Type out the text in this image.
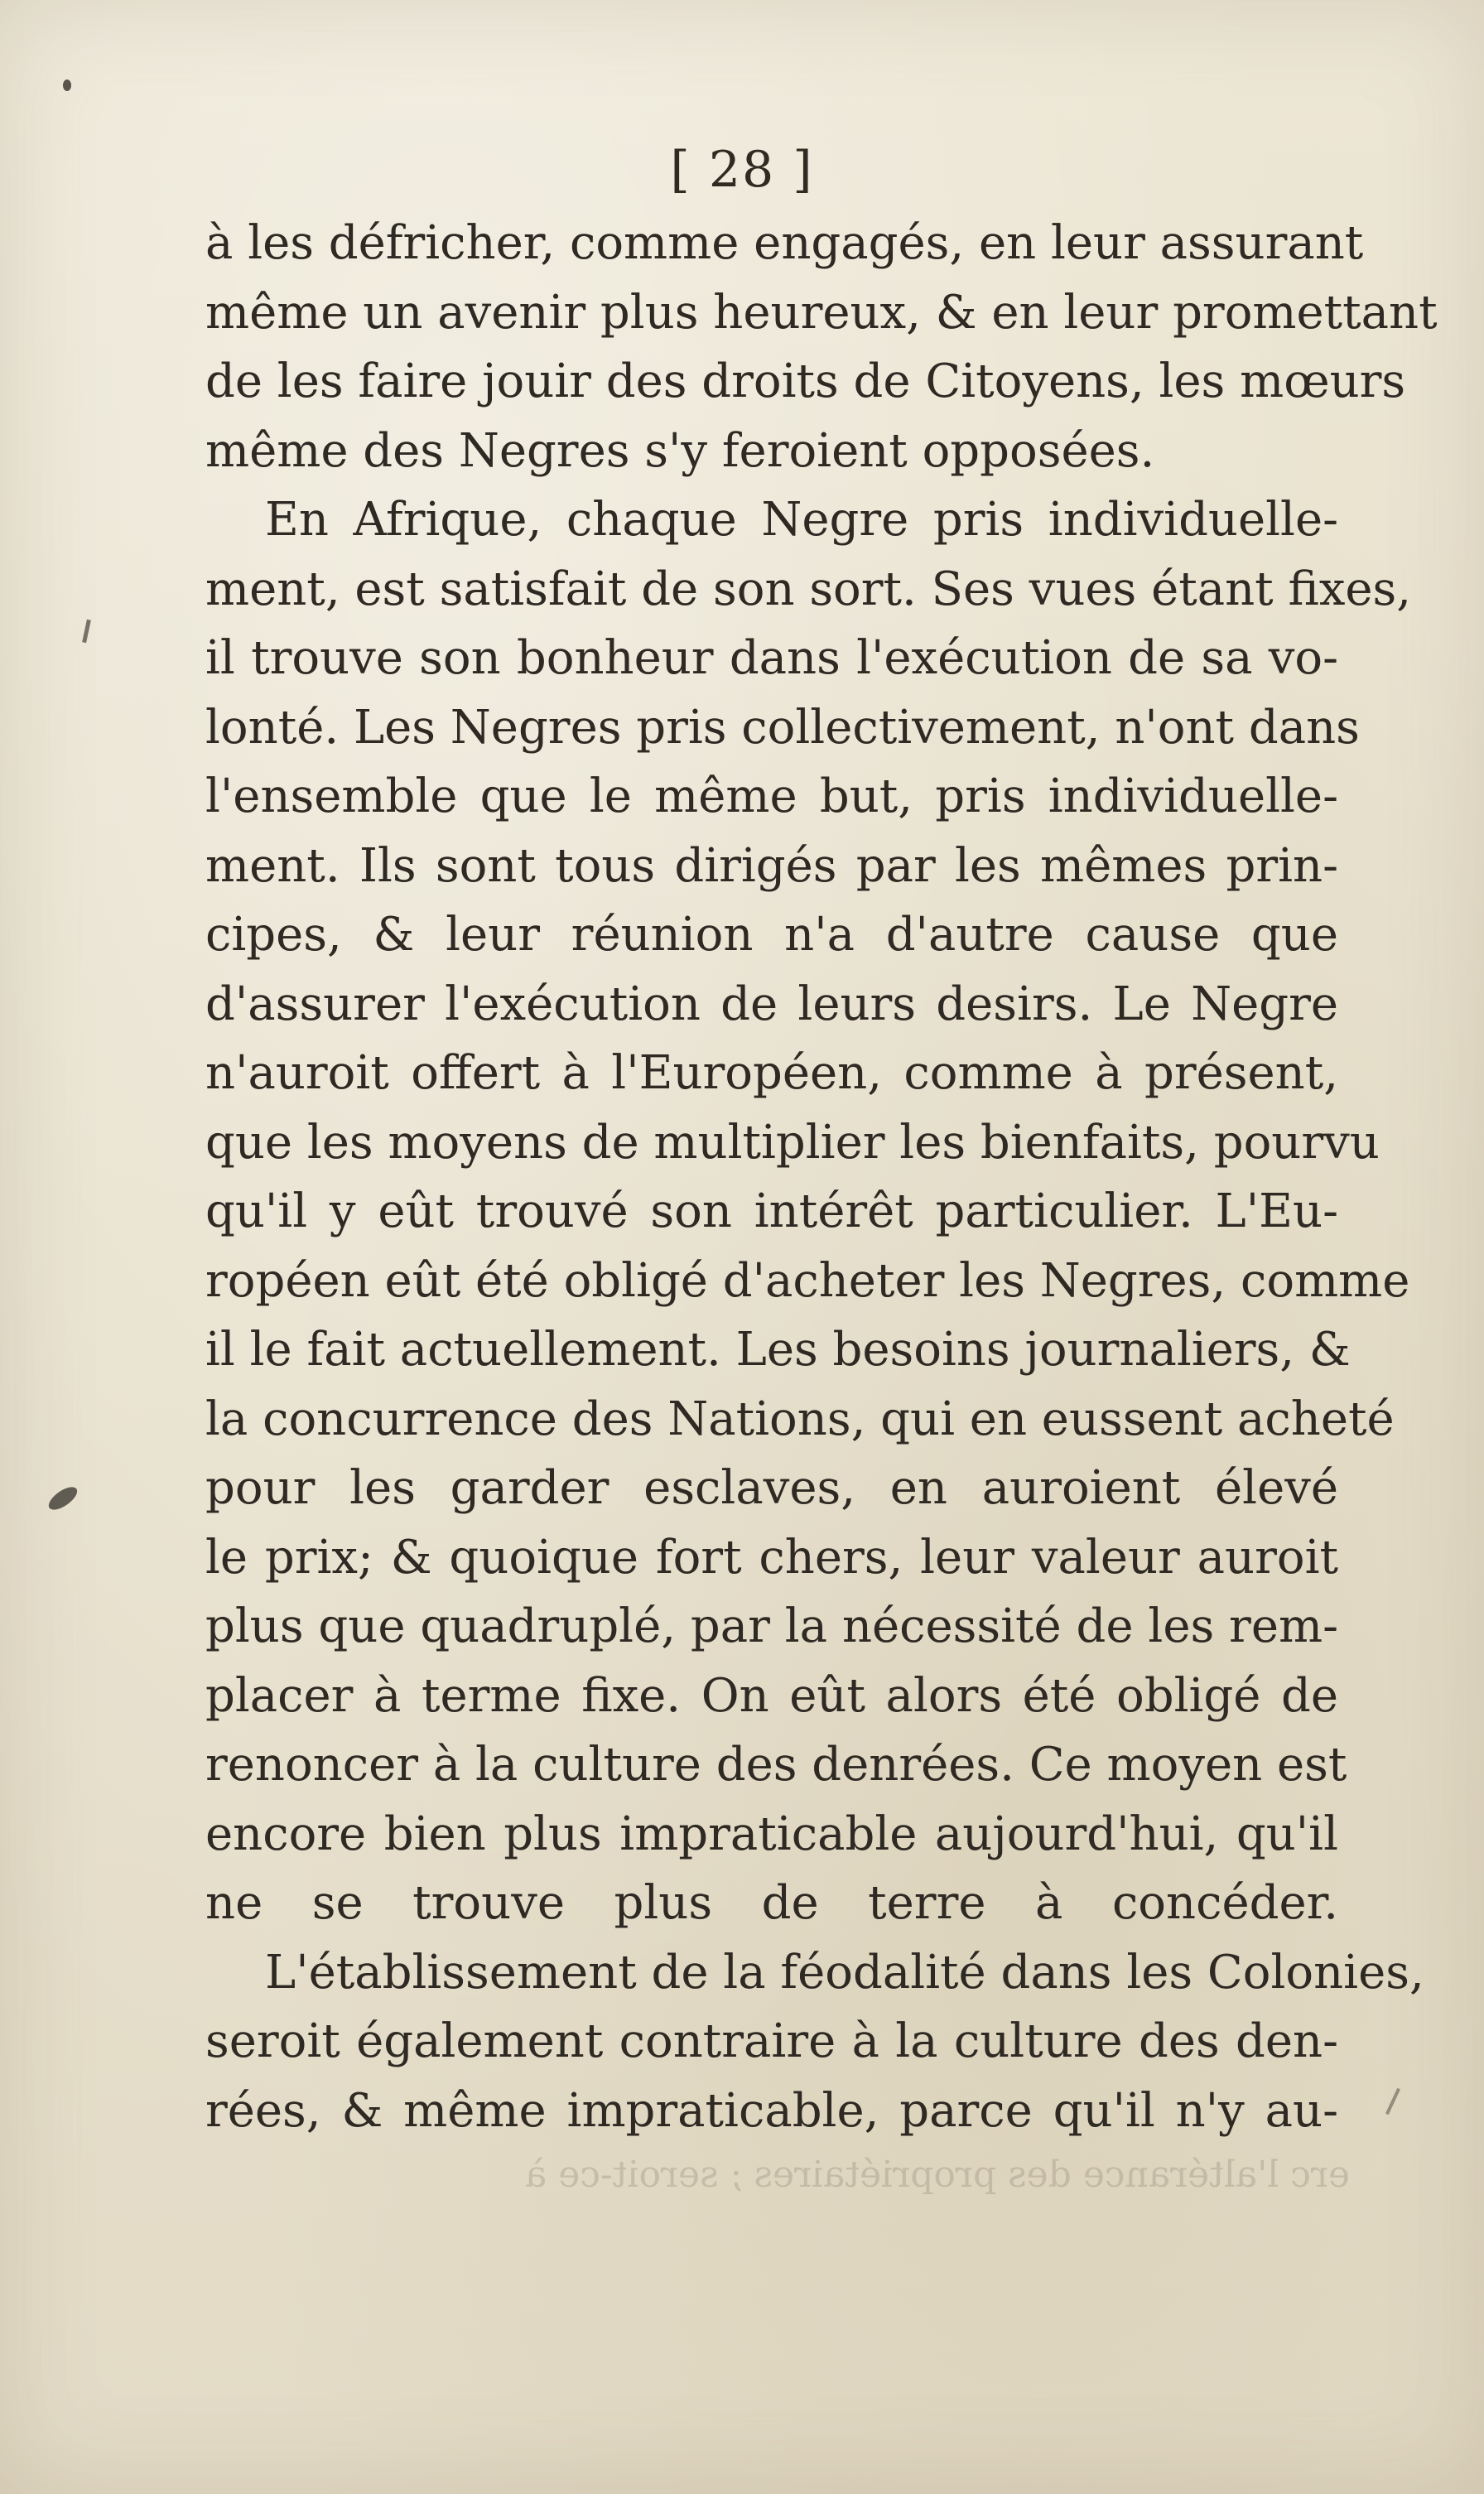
[ 28 ]
à les défricher, comme engagés, en leur assurant
même un avenir plus heureux, & en leur promettant
de les faire jouir des droits de Citoyens, les mœurs
même des Negres s'y feroient opposées.
En Afrique, chaque Negre pris individuelle-
ment, est satisfait de son sort. Ses vues étant fixes,
il trouve son bonheur dans l'exécution de sa vo-
lonté. Les Negres pris collectivement, n'ont dans
l'ensemble que le même but, pris individuelle-
ment. Ils sont tous dirigés par les mêmes prin-
cipes, & leur réunion n'a d'autre cause que
d'assurer l'exécution de leurs desirs. Le Negre
n'auroit offert à l'Européen, comme à présent,
que les moyens de multiplier les bienfaits, pourvu
qu'il y eût trouvé son intérêt particulier. L'Eu-
ropéen eût été obligé d'acheter les Negres, comme
il le fait actuellement. Les besoins journaliers, &
la concurrence des Nations, qui en eussent acheté
pour les garder esclaves, en auroient élevé
le prix; & quoique fort chers, leur valeur auroit
plus que quadruplé, par la nécessité de les rem-
placer à terme fixe. On eût alors été obligé de
renoncer à la culture des denrées. Ce moyen est
encore bien plus impraticable aujourd'hui, qu'il
ne se trouve plus de terre à concéder.
L'établissement de la féodalité dans les Colonies,
seroit également contraire à la culture des den-
rées, & même impraticable, parce qu'il n'y au-
erc l'altérance des propriétaires ; seroit-ce à
